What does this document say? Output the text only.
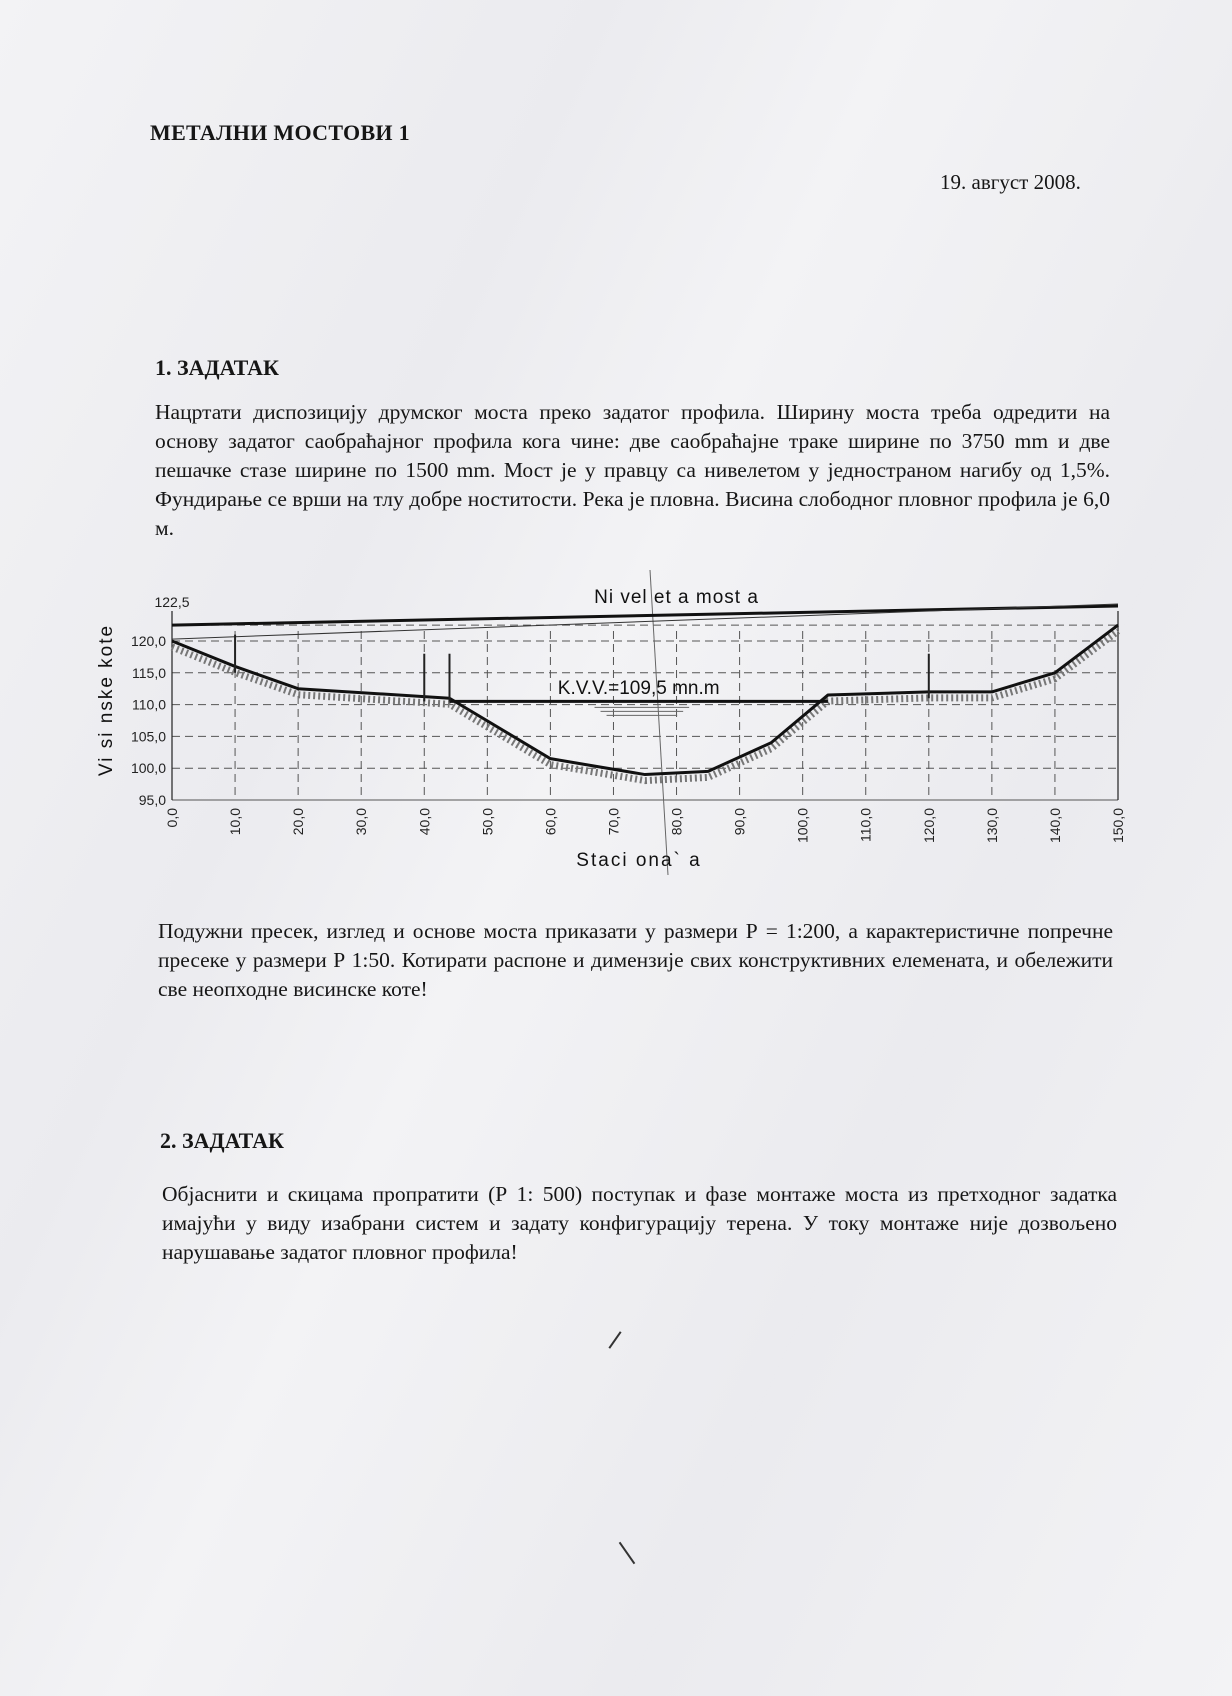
МЕТАЛНИ МОСТОВИ 1
19. август 2008.
1. ЗАДАТАК
Нацртати диспозицију друмског моста преко задатог профила. Ширину моста треба одредити на основу задатог саобраћајног профила кога чине: две саобраћајне траке ширине по 3750 mm и две пешачке стазе ширине по 1500 mm. Мост је у правцу са нивелетом у једностраном нагибу од 1,5%. Фундирање се врши на тлу добре ноститости. Река је пловна. Висина слободног пловног профила је 6,0 м.
95,0
100,0
105,0
110,0
115,0
120,0
122,5
0,0	10,0	20,0	30,0	40,0	50,0	60,0	70,0	80,0	90,0	100,0	110,0	120,0	130,0	140,0	150,0
Ni vel et a most a
K.V.V.=109,5 mn.m
Staci ona` a
Vi si nske kote
Подужни пресек, изглед и основе моста приказати у размери Р = 1:200, а карактеристичне попречне пресеке у размери Р 1:50. Котирати распоне и димензије свих конструктивних елемената, и обележити све неопходне висинске коте!
2. ЗАДАТАК
Објаснити и скицама пропратити (Р 1: 500) поступак и фазе монтаже моста из претходног задатка имајући у виду изабрани систем и задату конфигурацију терена. У току монтаже није дозвољено нарушавање задатог пловног профила!
